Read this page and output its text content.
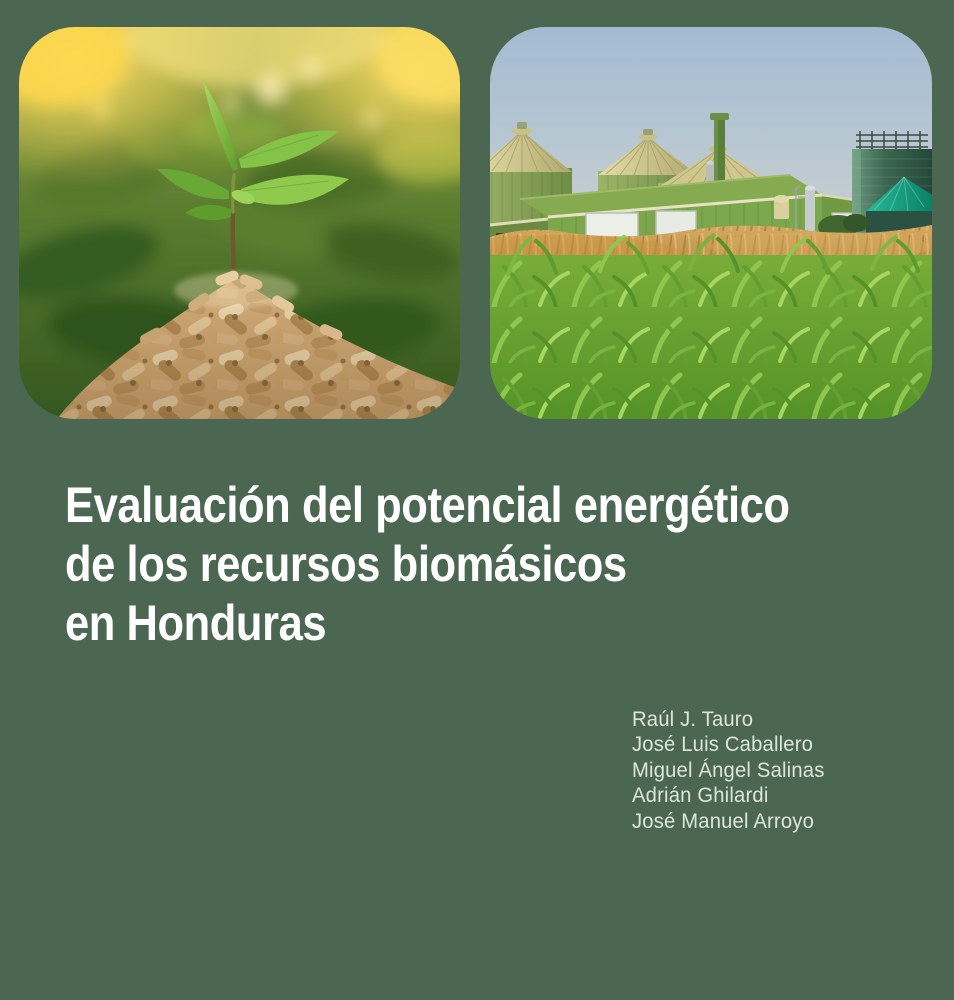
Evaluación del potencial energético
de los recursos biomásicos
en Honduras
Raúl J. Tauro
José Luis Caballero
Miguel Ángel Salinas
Adrián Ghilardi
José Manuel Arroyo
